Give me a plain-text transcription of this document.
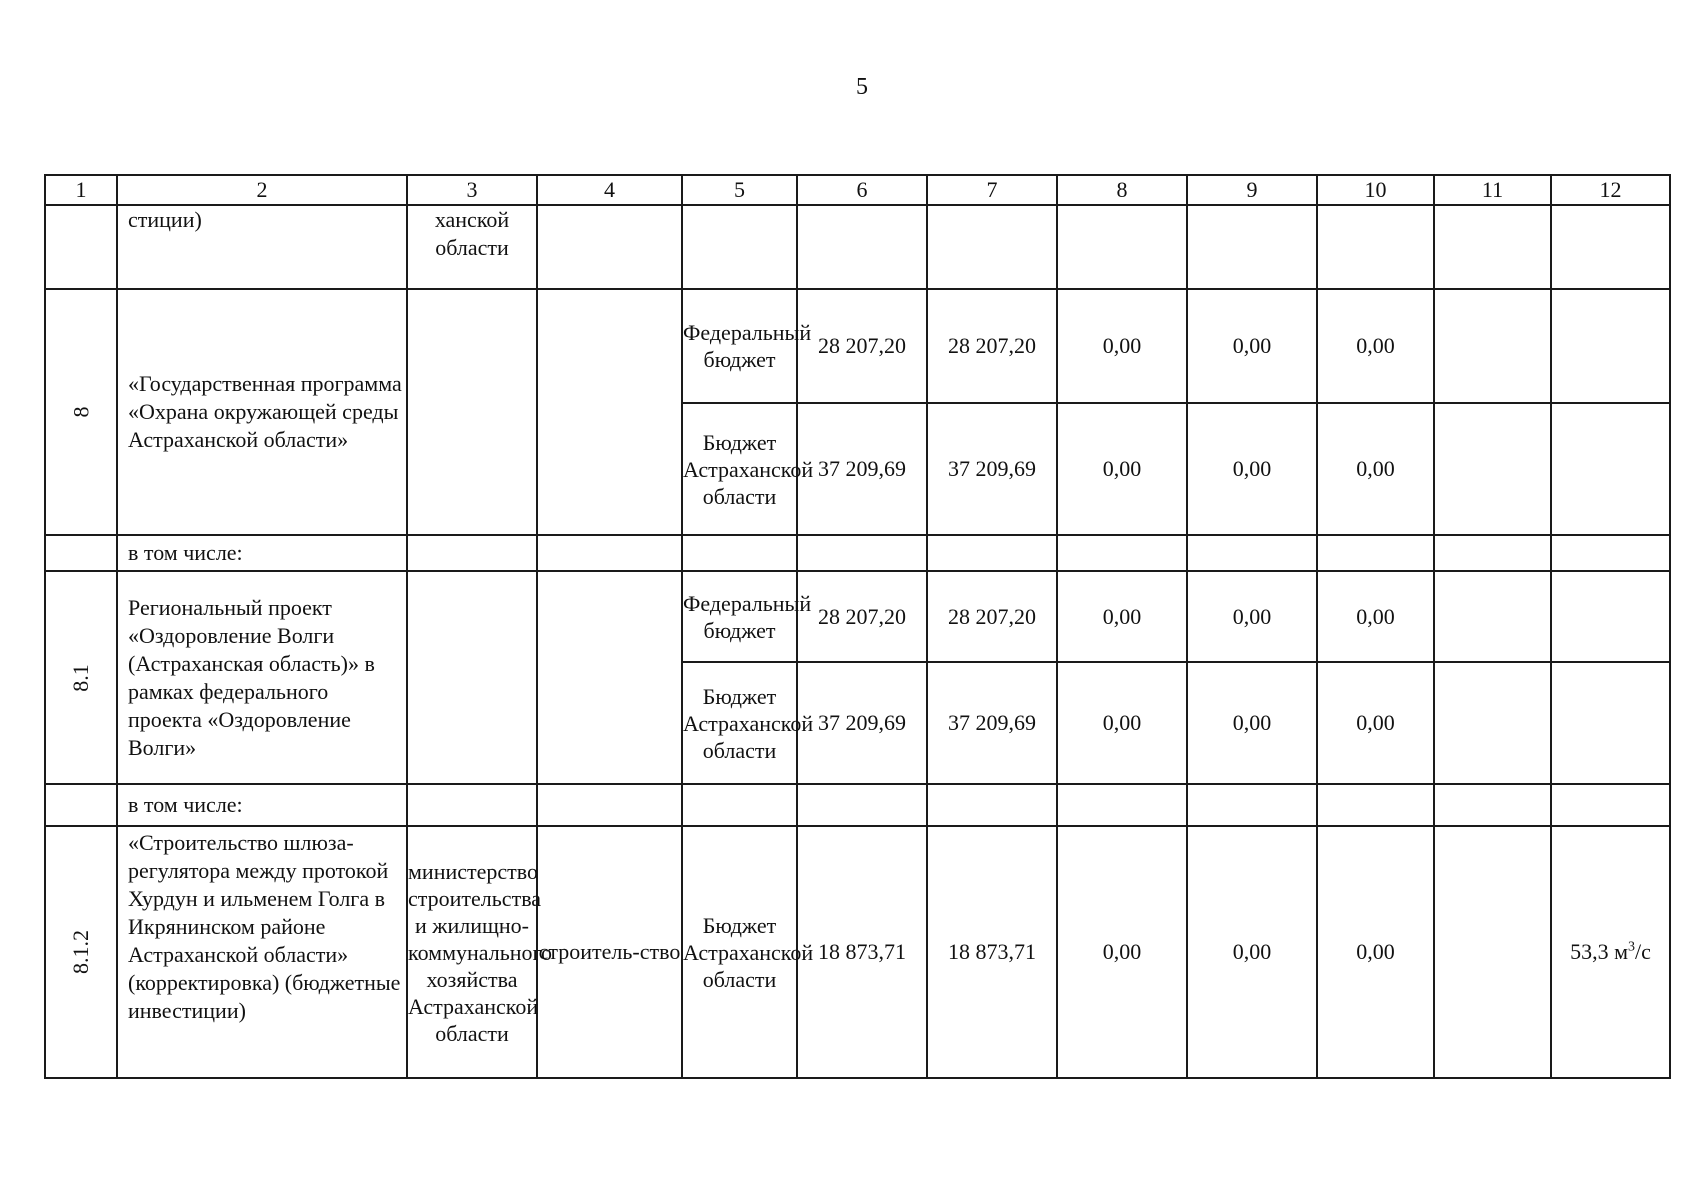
5
1	2	3	4	5	6	7	8	9	10	11	12
	стиции)	ханской области									

8	«Государственная программа «Охрана окружающей среды Астраханской области»			Федеральный бюджет	28 207,20	28 207,20	0,00	0,00	0,00		
				Бюджет Астраханской области	37 209,69	37 209,69	0,00	0,00	0,00		
	в том числе:										

8.1	Региональный проект «Оздоровление Волги (Астраханская область)» в рамках федерального проекта «Оздоровление Волги»			Федеральный бюджет	28 207,20	28 207,20	0,00	0,00	0,00		
				Бюджет Астраханской области	37 209,69	37 209,69	0,00	0,00	0,00		
	в том числе:										

8.1.2	«Строительство шлюза-регулятора между протокой Хурдун и ильменем Голга в Икрянинском районе Астраханской области» (корректировка) (бюджетные инвестиции)	министерство строительства и жилищно-коммунального хозяйства Астраханской области	строитель-ство	Бюджет Астраханской области	18 873,71	18 873,71	0,00	0,00	0,00		53,3 $м^3/с$
